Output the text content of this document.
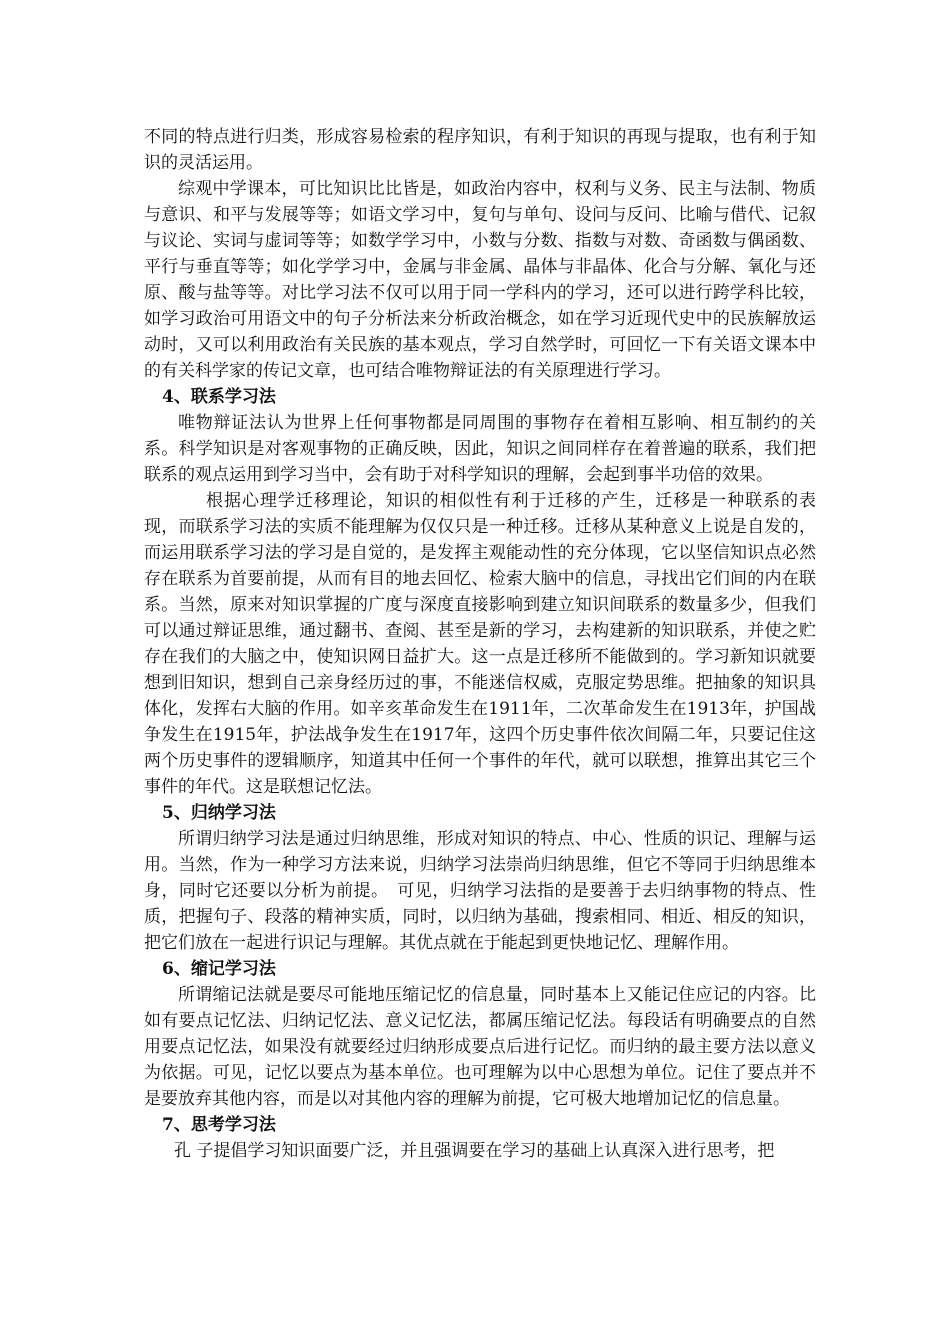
不同的特点进行归类，形成容易检索的程序知识，有利于知识的再现与提取，也有利于知识的灵活运用。

综观中学课本，可比知识比比皆是，如政治内容中，权利与义务、民主与法制、物质与意识、和平与发展等等；如语文学习中，复句与单句、设问与反问、比喻与借代、记叙与议论、实词与虚词等等；如数学学习中，小数与分数、指数与对数、奇函数与偶函数、平行与垂直等等；如化学学习中，金属与非金属、晶体与非晶体、化合与分解、氧化与还原、酸与盐等等。对比学习法不仅可以用于同一学科内的学习，还可以进行跨学科比较，如学习政治可用语文中的句子分析法来分析政治概念，如在学习近现代史中的民族解放运动时，又可以利用政治有关民族的基本观点，学习自然学时，可回忆一下有关语文课本中的有关科学家的传记文章，也可结合唯物辩证法的有关原理进行学习。

4、联系学习法

唯物辩证法认为世界上任何事物都是同周围的事物存在着相互影响、相互制约的关系。科学知识是对客观事物的正确反映，因此，知识之间同样存在着普遍的联系，我们把联系的观点运用到学习当中，会有助于对科学知识的理解，会起到事半功倍的效果。

根据心理学迁移理论，知识的相似性有利于迁移的产生，迁移是一种联系的表现，而联系学习法的实质不能理解为仅仅只是一种迁移。迁移从某种意义上说是自发的，而运用联系学习法的学习是自觉的，是发挥主观能动性的充分体现，它以坚信知识点必然存在联系为首要前提，从而有目的地去回忆、检索大脑中的信息，寻找出它们间的内在联系。当然，原来对知识掌握的广度与深度直接影响到建立知识间联系的数量多少，但我们可以通过辩证思维，通过翻书、查阅、甚至是新的学习，去构建新的知识联系，并使之贮存在我们的大脑之中，使知识网日益扩大。这一点是迁移所不能做到的。学习新知识就要想到旧知识，想到自己亲身经历过的事，不能迷信权威，克服定势思维。把抽象的知识具体化，发挥右大脑的作用。如辛亥革命发生在1911年，二次革命发生在1913年，护国战争发生在1915年，护法战争发生在1917年，这四个历史事件依次间隔二年，只要记住这两个历史事件的逻辑顺序，知道其中任何一个事件的年代，就可以联想，推算出其它三个事件的年代。这是联想记忆法。

5、归纳学习法

所谓归纳学习法是通过归纳思维，形成对知识的特点、中心、性质的识记、理解与运用。当然，作为一种学习方法来说，归纳学习法崇尚归纳思维，但它不等同于归纳思维本身，同时它还要以分析为前提。　可见，归纳学习法指的是要善于去归纳事物的特点、性质，把握句子、段落的精神实质，同时，以归纳为基础，搜索相同、相近、相反的知识，把它们放在一起进行识记与理解。其优点就在于能起到更快地记忆、理解作用。

6、缩记学习法

所谓缩记法就是要尽可能地压缩记忆的信息量，同时基本上又能记住应记的内容。比如有要点记忆法、归纳记忆法、意义记忆法，都属压缩记忆法。每段话有明确要点的自然用要点记忆法，如果没有就要经过归纳形成要点后进行记忆。而归纳的最主要方法以意义为依据。可见，记忆以要点为基本单位。也可理解为以中心思想为单位。记住了要点并不是要放弃其他内容，而是以对其他内容的理解为前提，它可极大地增加记忆的信息量。

7、思考学习法

孔 子提倡学习知识面要广泛，并且强调要在学习的基础上认真深入进行思考，把
